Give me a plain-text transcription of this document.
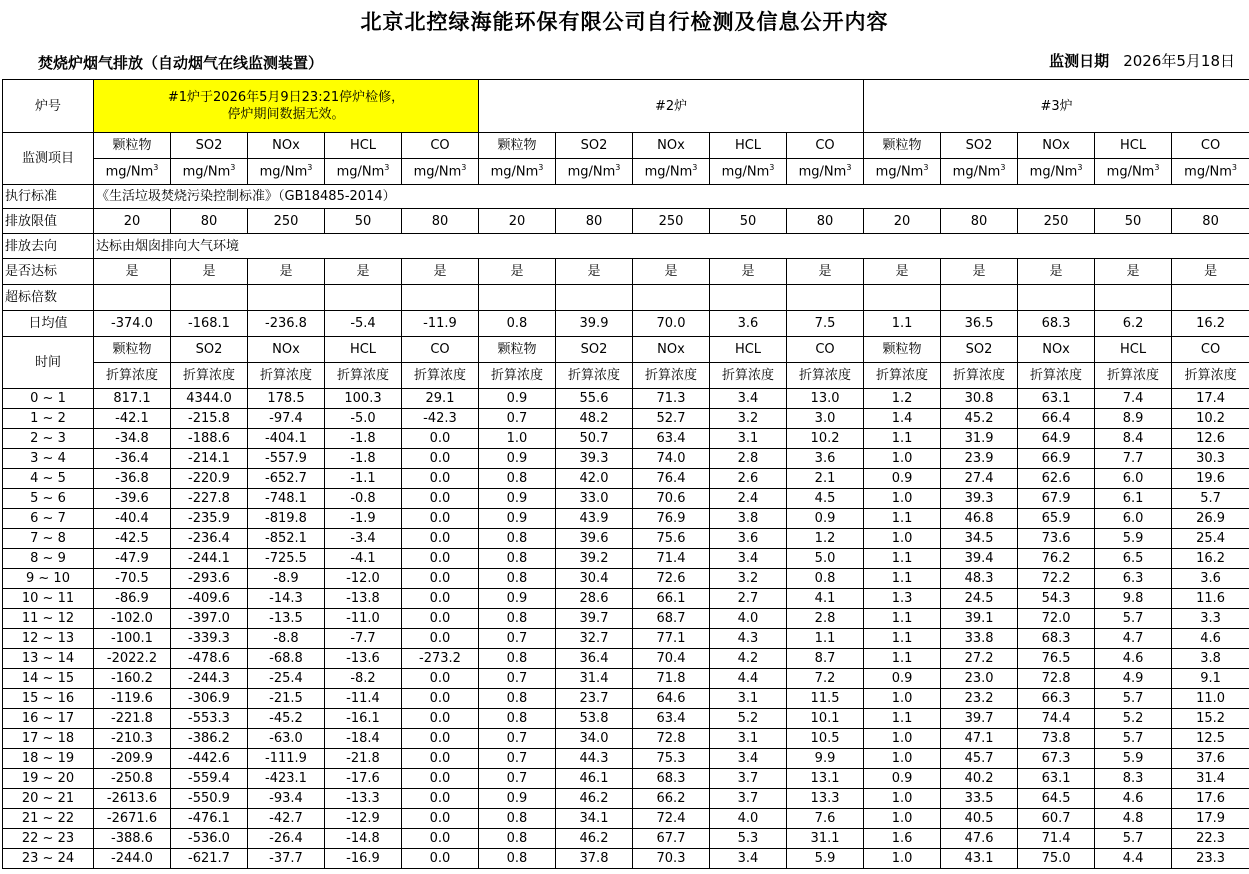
北京北控绿海能环保有限公司自行检测及信息公开内容
焚烧炉烟气排放（自动烟气在线监测装置）	监测日期 2026年5月18日
炉号	#1炉于2026年5月9日23:21停炉检修，
停炉期间数据无效。					#2炉					#3炉				
监测项目	颗粒物	SO2	NOx	HCL	CO	颗粒物	SO2	NOx	HCL	CO	颗粒物	SO2	NOx	HCL	CO
	mg/Nm$^3$	mg/Nm$^3$	mg/Nm$^3$	mg/Nm$^3$	mg/Nm$^3$	mg/Nm$^3$	mg/Nm$^3$	mg/Nm$^3$	mg/Nm$^3$	mg/Nm$^3$	mg/Nm$^3$	mg/Nm$^3$	mg/Nm$^3$	mg/Nm$^3$	mg/Nm$^3$
执行标准	《生活垃圾焚烧污染控制标准》（GB18485-2014）														
排放限值	20	80	250	50	80	20	80	250	50	80	20	80	250	50	80
排放去向	达标由烟囱排向大气环境														
是否达标	是	是	是	是	是	是	是	是	是	是	是	是	是	是	是
超标倍数															
日均值	-374.0	-168.1	-236.8	-5.4	-11.9	0.8	39.9	70.0	3.6	7.5	1.1	36.5	68.3	6.2	16.2
时间	颗粒物	SO2	NOx	HCL	CO	颗粒物	SO2	NOx	HCL	CO	颗粒物	SO2	NOx	HCL	CO
	折算浓度	折算浓度	折算浓度	折算浓度	折算浓度	折算浓度	折算浓度	折算浓度	折算浓度	折算浓度	折算浓度	折算浓度	折算浓度	折算浓度	折算浓度
0 ~ 1	817.1	4344.0	178.5	100.3	29.1	0.9	55.6	71.3	3.4	13.0	1.2	30.8	63.1	7.4	17.4
1 ~ 2	-42.1	-215.8	-97.4	-5.0	-42.3	0.7	48.2	52.7	3.2	3.0	1.4	45.2	66.4	8.9	10.2
2 ~ 3	-34.8	-188.6	-404.1	-1.8	0.0	1.0	50.7	63.4	3.1	10.2	1.1	31.9	64.9	8.4	12.6
3 ~ 4	-36.4	-214.1	-557.9	-1.8	0.0	0.9	39.3	74.0	2.8	3.6	1.0	23.9	66.9	7.7	30.3
4 ~ 5	-36.8	-220.9	-652.7	-1.1	0.0	0.8	42.0	76.4	2.6	2.1	0.9	27.4	62.6	6.0	19.6
5 ~ 6	-39.6	-227.8	-748.1	-0.8	0.0	0.9	33.0	70.6	2.4	4.5	1.0	39.3	67.9	6.1	5.7
6 ~ 7	-40.4	-235.9	-819.8	-1.9	0.0	0.9	43.9	76.9	3.8	0.9	1.1	46.8	65.9	6.0	26.9
7 ~ 8	-42.5	-236.4	-852.1	-3.4	0.0	0.8	39.6	75.6	3.6	1.2	1.0	34.5	73.6	5.9	25.4
8 ~ 9	-47.9	-244.1	-725.5	-4.1	0.0	0.8	39.2	71.4	3.4	5.0	1.1	39.4	76.2	6.5	16.2
9 ~ 10	-70.5	-293.6	-8.9	-12.0	0.0	0.8	30.4	72.6	3.2	0.8	1.1	48.3	72.2	6.3	3.6
10 ~ 11	-86.9	-409.6	-14.3	-13.8	0.0	0.9	28.6	66.1	2.7	4.1	1.3	24.5	54.3	9.8	11.6
11 ~ 12	-102.0	-397.0	-13.5	-11.0	0.0	0.8	39.7	68.7	4.0	2.8	1.1	39.1	72.0	5.7	3.3
12 ~ 13	-100.1	-339.3	-8.8	-7.7	0.0	0.7	32.7	77.1	4.3	1.1	1.1	33.8	68.3	4.7	4.6
13 ~ 14	-2022.2	-478.6	-68.8	-13.6	-273.2	0.8	36.4	70.4	4.2	8.7	1.1	27.2	76.5	4.6	3.8
14 ~ 15	-160.2	-244.3	-25.4	-8.2	0.0	0.7	31.4	71.8	4.4	7.2	0.9	23.0	72.8	4.9	9.1
15 ~ 16	-119.6	-306.9	-21.5	-11.4	0.0	0.8	23.7	64.6	3.1	11.5	1.0	23.2	66.3	5.7	11.0
16 ~ 17	-221.8	-553.3	-45.2	-16.1	0.0	0.8	53.8	63.4	5.2	10.1	1.1	39.7	74.4	5.2	15.2
17 ~ 18	-210.3	-386.2	-63.0	-18.4	0.0	0.7	34.0	72.8	3.1	10.5	1.0	47.1	73.8	5.7	12.5
18 ~ 19	-209.9	-442.6	-111.9	-21.8	0.0	0.7	44.3	75.3	3.4	9.9	1.0	45.7	67.3	5.9	37.6
19 ~ 20	-250.8	-559.4	-423.1	-17.6	0.0	0.7	46.1	68.3	3.7	13.1	0.9	40.2	63.1	8.3	31.4
20 ~ 21	-2613.6	-550.9	-93.4	-13.3	0.0	0.9	46.2	66.2	3.7	13.3	1.0	33.5	64.5	4.6	17.6
21 ~ 22	-2671.6	-476.1	-42.7	-12.9	0.0	0.8	34.1	72.4	4.0	7.6	1.0	40.5	60.7	4.8	17.9
22 ~ 23	-388.6	-536.0	-26.4	-14.8	0.0	0.8	46.2	67.7	5.3	31.1	1.6	47.6	71.4	5.7	22.3
23 ~ 24	-244.0	-621.7	-37.7	-16.9	0.0	0.8	37.8	70.3	3.4	5.9	1.0	43.1	75.0	4.4	23.3
